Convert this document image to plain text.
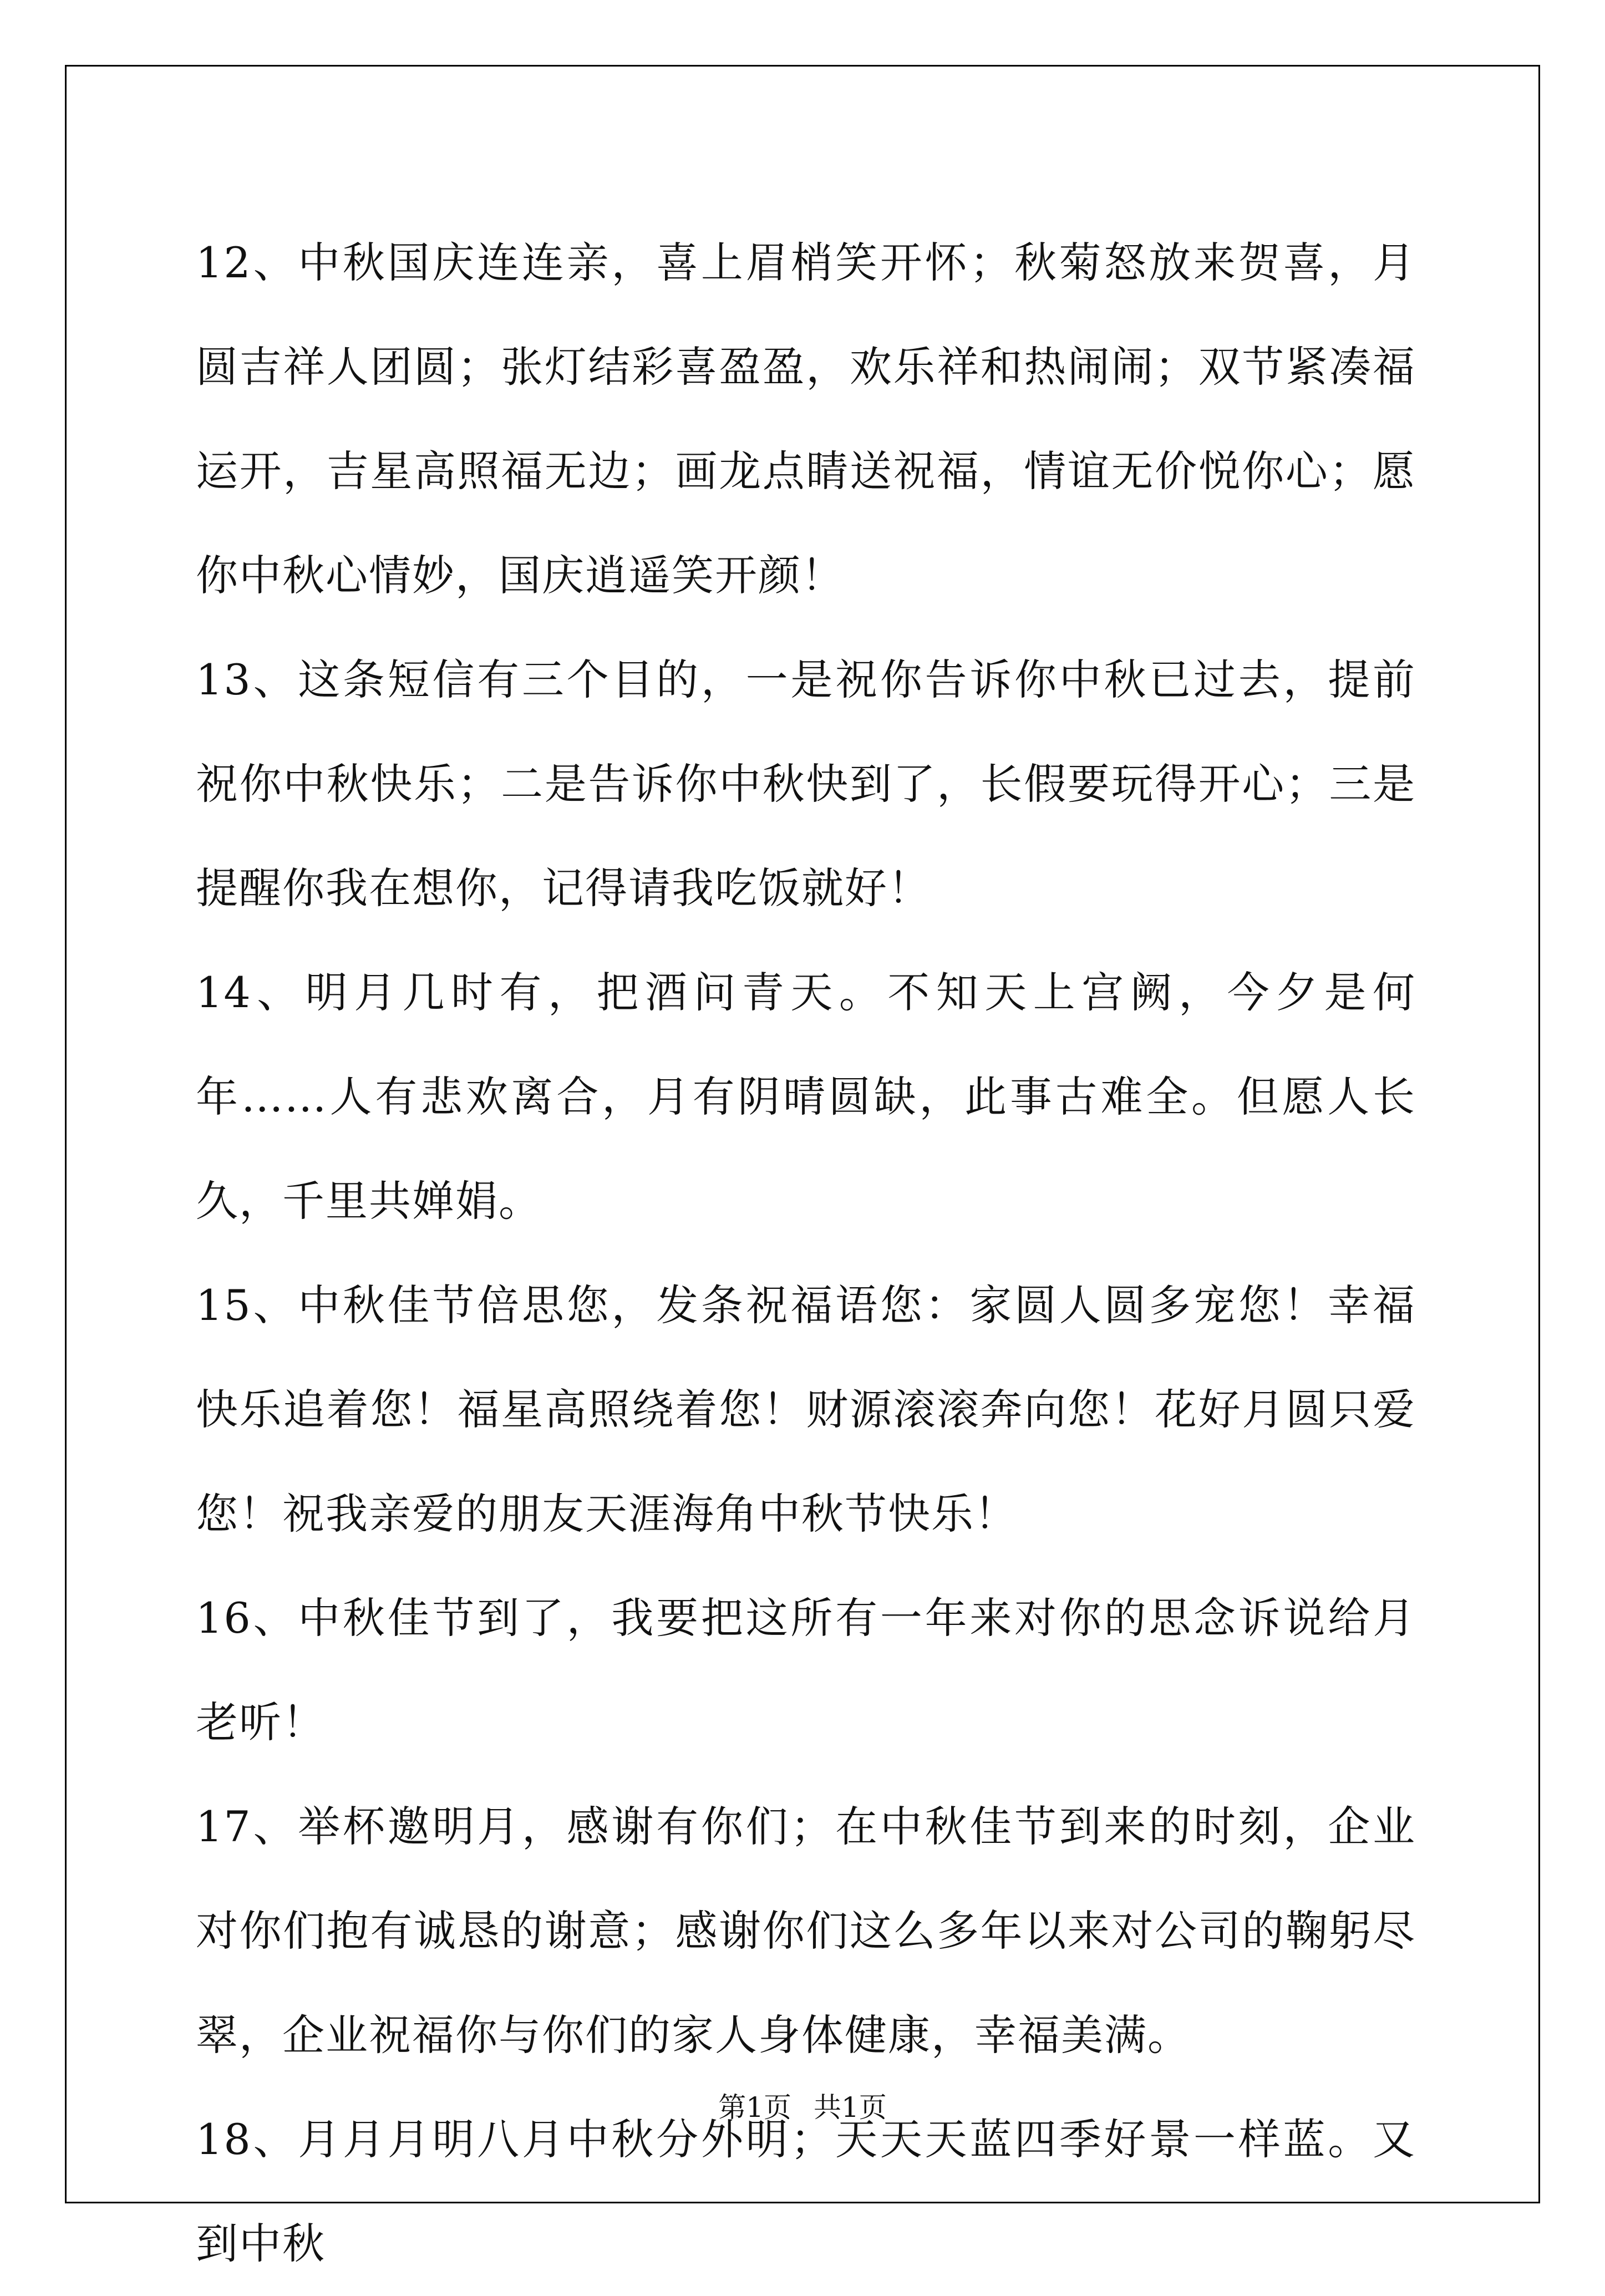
12、中秋国庆连连亲，喜上眉梢笑开怀；秋菊怒放来贺喜，月圆吉祥人团圆；张灯结彩喜盈盈，欢乐祥和热闹闹；双节紧凑福运开，吉星高照福无边；画龙点睛送祝福，情谊无价悦你心；愿你中秋心情妙，国庆逍遥笑开颜！

13、这条短信有三个目的，一是祝你告诉你中秋已过去，提前祝你中秋快乐；二是告诉你中秋快到了，长假要玩得开心；三是提醒你我在想你，记得请我吃饭就好！

14、明月几时有，把酒问青天。不知天上宫阙，今夕是何年……人有悲欢离合，月有阴晴圆缺，此事古难全。但愿人长久，千里共婵娟。

15、中秋佳节倍思您，发条祝福语您：家圆人圆多宠您！幸福快乐追着您！福星高照绕着您！财源滚滚奔向您！花好月圆只爱您！祝我亲爱的朋友天涯海角中秋节快乐！

16、中秋佳节到了，我要把这所有一年来对你的思念诉说给月老听！

17、举杯邀明月，感谢有你们；在中秋佳节到来的时刻，企业对你们抱有诚恳的谢意；感谢你们这么多年以来对公司的鞠躬尽翠，企业祝福你与你们的家人身体健康，幸福美满。

18、月月月明八月中秋分外明；天天天蓝四季好景一样蓝。又到中秋

第1页 共1页
